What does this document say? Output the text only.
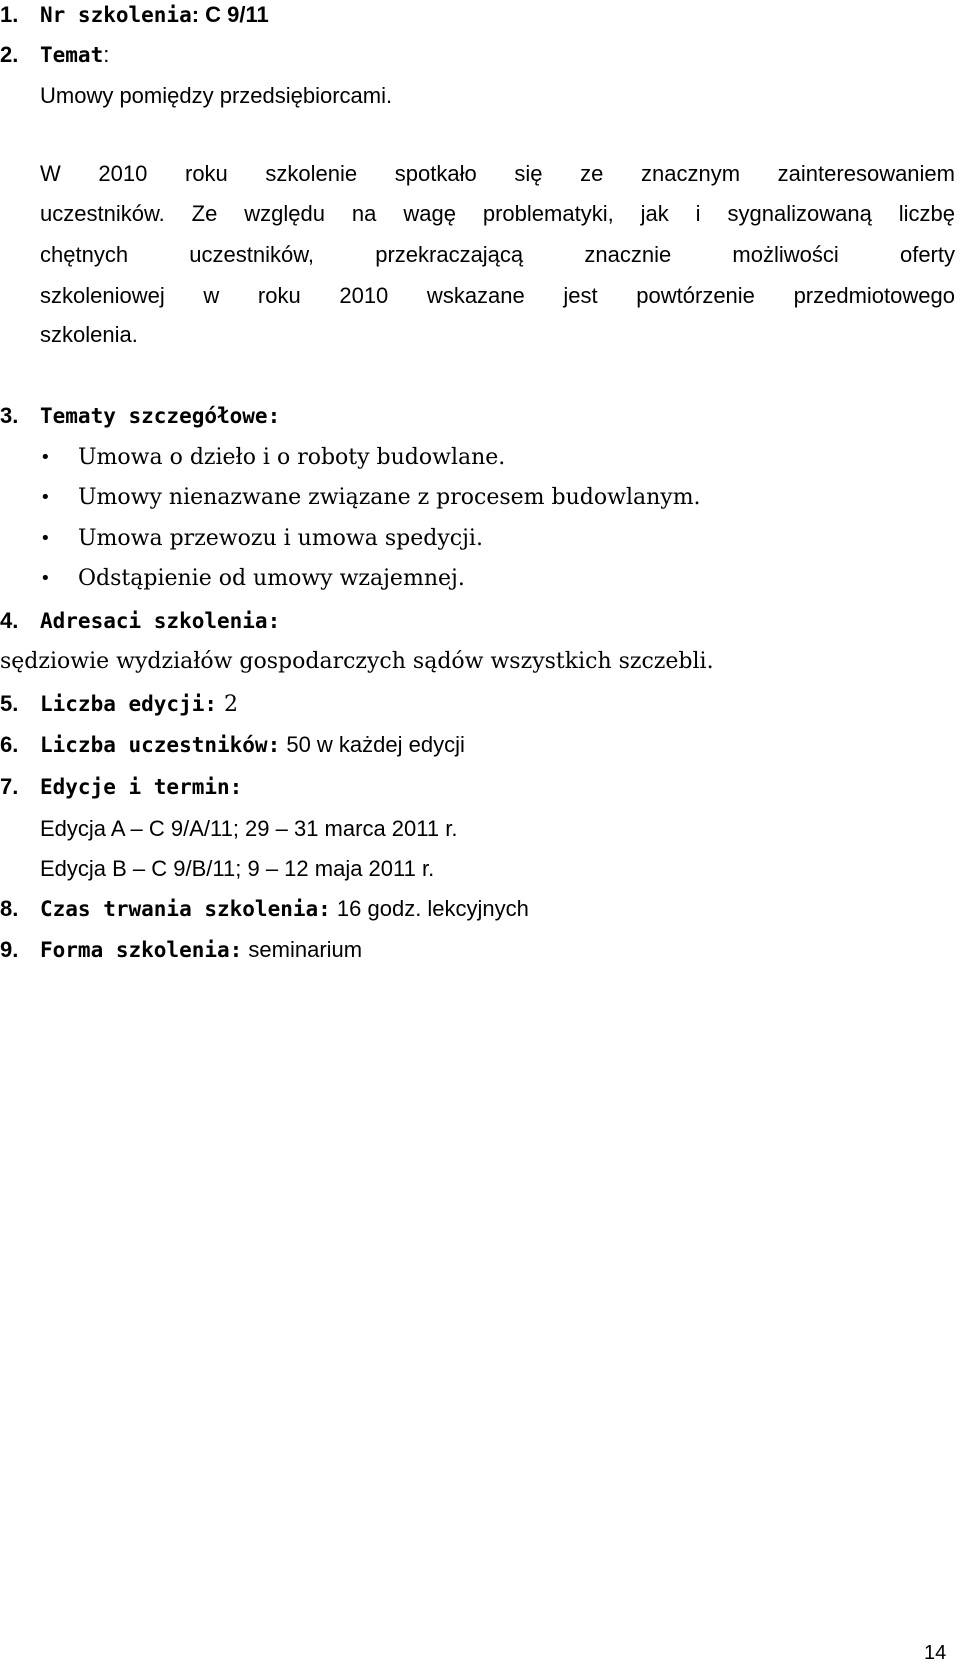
1. Nr szkolenia: C 9/11
2. Temat:
Umowy pomiędzy przedsiębiorcami.
W 2010 roku szkolenie spotkało się ze znacznym zainteresowaniem
uczestników. Ze względu na wagę problematyki, jak i sygnalizowaną liczbę
chętnych uczestników, przekraczającą znacznie możliwości oferty
szkoleniowej w roku 2010 wskazane jest powtórzenie przedmiotowego
szkolenia.
3. Tematy szczegółowe:
• Umowa o dzieło i o roboty budowlane.
• Umowy nienazwane związane z procesem budowlanym.
• Umowa przewozu i umowa spedycji.
• Odstąpienie od umowy wzajemnej.
4. Adresaci szkolenia:
sędziowie wydziałów gospodarczych sądów wszystkich szczebli.
5. Liczba edycji: 2
6. Liczba uczestników: 50 w każdej edycji
7. Edycje i termin:
Edycja A – C 9/A/11; 29 – 31 marca 2011 r.
Edycja B – C 9/B/11; 9 – 12 maja 2011 r.
8. Czas trwania szkolenia: 16 godz. lekcyjnych
9. Forma szkolenia: seminarium
14
